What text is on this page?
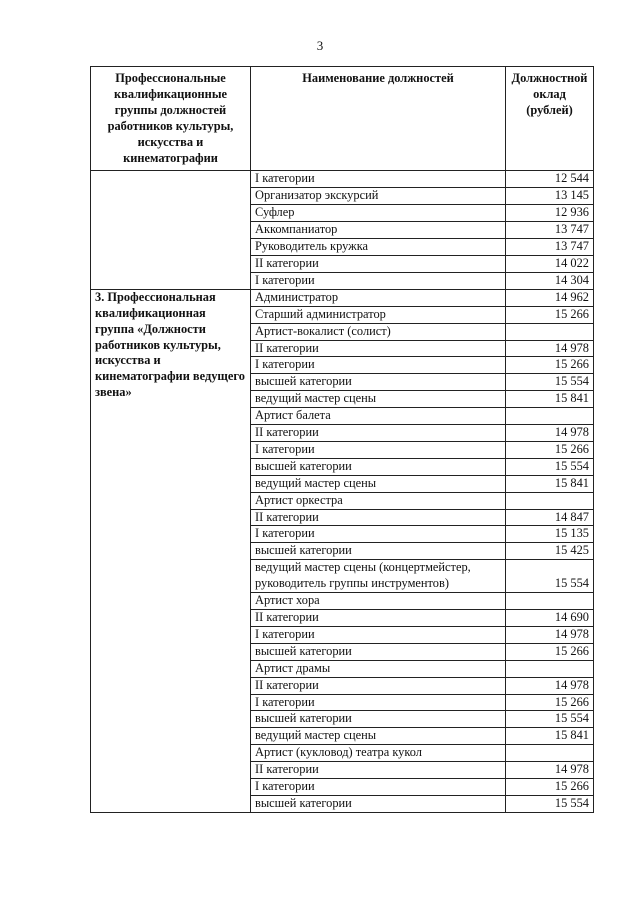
3
Профессиональные квалификационные группы должностей работников культуры, искусства и кинематографии	Наименование должностей	Должностной оклад (рублей)
	I категории	12 544
	Организатор экскурсий	13 145
	Суфлер	12 936
	Аккомпаниатор	13 747
	Руководитель кружка	13 747
	II категории	14 022
	I категории	14 304
3. Профессиональная квалификационная группа «Должности работников культуры, искусства и кинематографии ведущего звена»	Администратор	14 962
	Старший администратор	15 266
	Артист-вокалист (солист)	
	II категории	14 978
	I категории	15 266
	высшей категории	15 554
	ведущий мастер сцены	15 841
	Артист балета	
	II категории	14 978
	I категории	15 266
	высшей категории	15 554
	ведущий мастер сцены	15 841
	Артист оркестра	
	II категории	14 847
	I категории	15 135
	высшей категории	15 425
	ведущий мастер сцены (концертмейстер, руководитель группы инструментов)	15 554
	Артист хора	
	II категории	14 690
	I категории	14 978
	высшей категории	15 266
	Артист драмы	
	II категории	14 978
	I категории	15 266
	высшей категории	15 554
	ведущий мастер сцены	15 841
	Артист (кукловод) театра кукол	
	II категории	14 978
	I категории	15 266
	высшей категории	15 554
